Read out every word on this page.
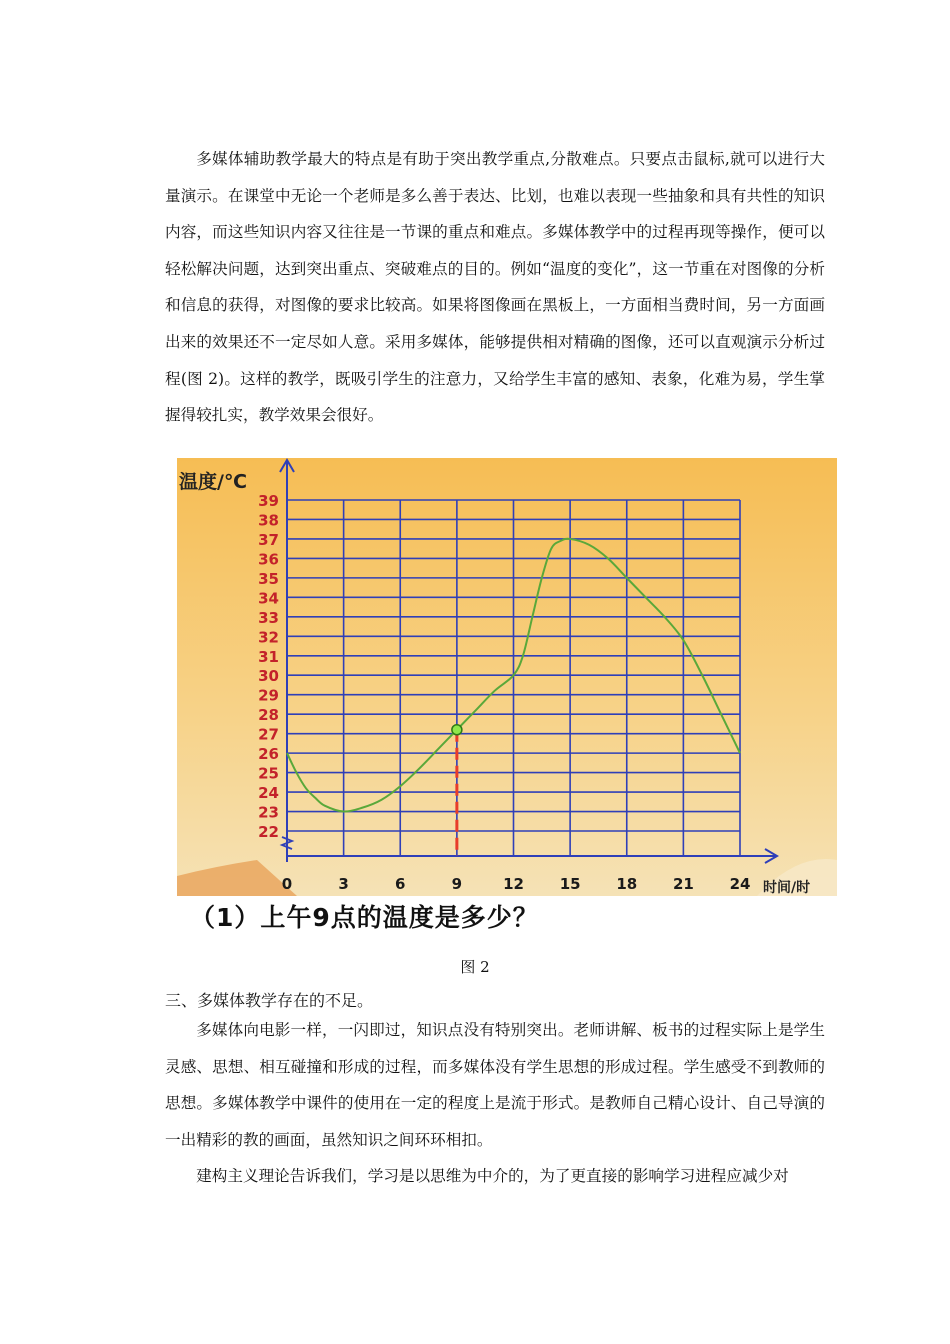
多媒体辅助教学最大的特点是有助于突出教学重点,分散难点。只要点击鼠标,就可以进行大量演示。在课堂中无论一个老师是多么善于表达、比划，也难以表现一些抽象和具有共性的知识内容，而这些知识内容又往往是一节课的重点和难点。多媒体教学中的过程再现等操作，便可以轻松解决问题，达到突出重点、突破难点的目的。例如“温度的变化”，这一节重在对图像的分析和信息的获得，对图像的要求比较高。如果将图像画在黑板上，一方面相当费时间，另一方面画出来的效果还不一定尽如人意。采用多媒体，能够提供相对精确的图像，还可以直观演示分析过程(图 2)。这样的教学，既吸引学生的注意力，又给学生丰富的感知、表象，化难为易，学生掌握得较扎实，教学效果会很好。

22
23
24
25
26
27
28
29
30
31
32
33
34
35
36
37
38
39
0	3	6	9	12 15 18 21 24
温度/℃
时间/时
（1）上午9点的温度是多少？
图 2
三、多媒体教学存在的不足。

多媒体向电影一样，一闪即过，知识点没有特别突出。老师讲解、板书的过程实际上是学生灵感、思想、相互碰撞和形成的过程，而多媒体没有学生思想的形成过程。学生感受不到教师的思想。多媒体教学中课件的使用在一定的程度上是流于形式。是教师自己精心设计、自己导演的一出精彩的教的画面，虽然知识之间环环相扣。

建构主义理论告诉我们，学习是以思维为中介的，为了更直接的影响学习进程应减少对
